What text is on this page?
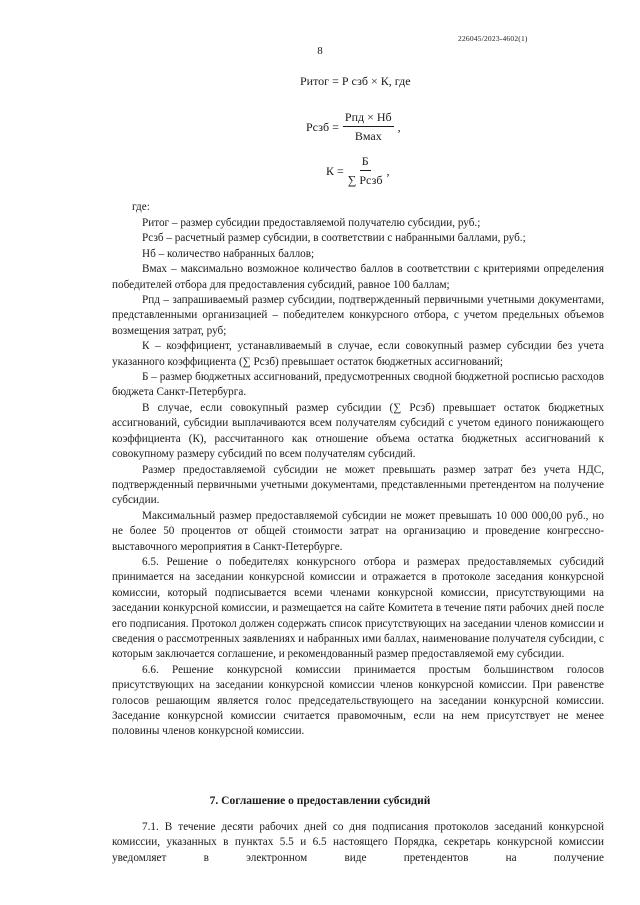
226045/2023-4602(1)
8
Ритог = Р сзб × К, где
Рсзб = $\frac{\text{Рпд × Нб}}{\text{Вмах}}$ ,
$К = \frac{Б}{\text{∑ Рсзб}}$ ,
где:

Ритог – размер субсидии предоставляемой получателю субсидии, руб.;

Рсзб – расчетный размер субсидии, в соответствии с набранными баллами, руб.;

Нб – количество набранных баллов;

Вмах – максимально возможное количество баллов в соответствии с критериями определения победителей отбора для предоставления субсидий, равное 100 баллам;

Рпд – запрашиваемый размер субсидии, подтвержденный первичными учетными документами, представленными организацией – победителем конкурсного отбора, с учетом предельных объемов возмещения затрат, руб;

К – коэффициент, устанавливаемый в случае, если совокупный размер субсидии без учета указанного коэффициента (∑ Рсзб) превышает остаток бюджетных ассигнований;

Б – размер бюджетных ассигнований, предусмотренных сводной бюджетной росписью расходов бюджета Санкт-Петербурга.

В случае, если совокупный размер субсидии (∑ Рсзб) превышает остаток бюджетных ассигнований, субсидии выплачиваются всем получателям субсидий с учетом единого понижающего коэффициента (К), рассчитанного как отношение объема остатка бюджетных ассигнований к совокупному размеру субсидий по всем получателям субсидий.

Размер предоставляемой субсидии не может превышать размер затрат без учета НДС, подтвержденный первичными учетными документами, представленными претендентом на получение субсидии.

Максимальный размер предоставляемой субсидии не может превышать 10 000 000,00 руб., но не более 50 процентов от общей стоимости затрат на организацию и проведение конгрессно-выставочного мероприятия в Санкт-Петербурге.

6.5. Решение о победителях конкурсного отбора и размерах предоставляемых субсидий принимается на заседании конкурсной комиссии и отражается в протоколе заседания конкурсной комиссии, который подписывается всеми членами конкурсной комиссии, присутствующими на заседании конкурсной комиссии, и размещается на сайте Комитета в течение пяти рабочих дней после его подписания. Протокол должен содержать список присутствующих на заседании членов комиссии и сведения о рассмотренных заявлениях и набранных ими баллах, наименование получателя субсидии, с которым заключается соглашение, и рекомендованный размер предоставляемой ему субсидии.

6.6. Решение конкурсной комиссии принимается простым большинством голосов присутствующих на заседании конкурсной комиссии членов конкурсной комиссии. При равенстве голосов решающим является голос председательствующего на заседании конкурсной комиссии. Заседание конкурсной комиссии считается правомочным, если на нем присутствует не менее половины членов конкурсной комиссии.

7. Соглашение о предоставлении субсидий

7.1. В течение десяти рабочих дней со дня подписания протоколов заседаний конкурсной комиссии, указанных в пунктах 5.5 и 6.5 настоящего Порядка, секретарь конкурсной комиссии уведомляет в электронном виде претендентов на получение
